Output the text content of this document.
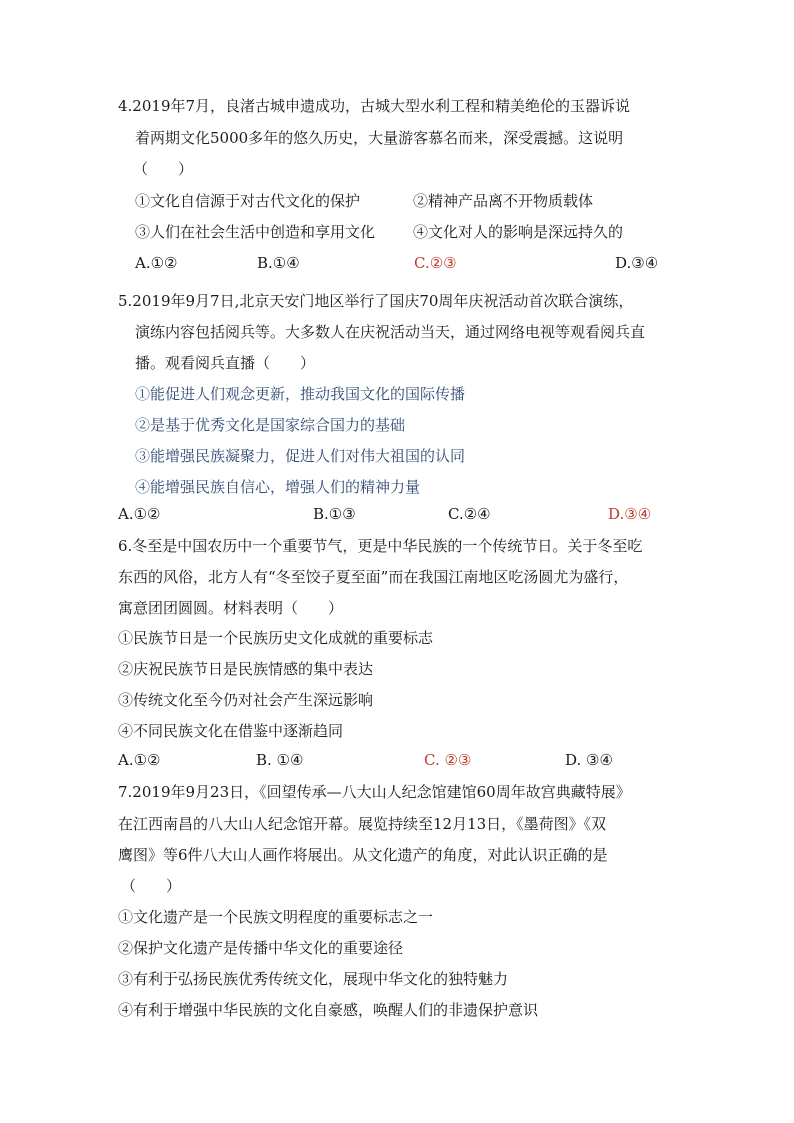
4.2019年7月，良渚古城申遗成功，古城大型水利工程和精美绝伦的玉器诉说
着两期文化5000多年的悠久历史，大量游客慕名而来，深受震撼。这说明
（　　）
①文化自信源于对古代文化的保护	②精神产品离不开物质载体
③人们在社会生活中创造和享用文化	④文化对人的影响是深远持久的
A.①②	B.①④	C.②③	D.③④
5.2019年9月7日,北京天安门地区举行了国庆70周年庆祝活动首次联合演练，
演练内容包括阅兵等。大多数人在庆祝活动当天，通过网络电视等观看阅兵直
播。观看阅兵直播（　　）
①能促进人们观念更新，推动我国文化的国际传播
②是基于优秀文化是国家综合国力的基础
③能增强民族凝聚力，促进人们对伟大祖国的认同
④能增强民族自信心，增强人们的精神力量
A.①②	B.①③	C.②④	D.③④
6.冬至是中国农历中一个重要节气，更是中华民族的一个传统节日。关于冬至吃
东西的风俗，北方人有“冬至饺子夏至面”而在我国江南地区吃汤圆尤为盛行，
寓意团团圆圆。材料表明（　　）
①民族节日是一个民族历史文化成就的重要标志
②庆祝民族节日是民族情感的集中表达
③传统文化至今仍对社会产生深远影响
④不同民族文化在借鉴中逐渐趋同
A.①②	B. ①④	C. ②③	D. ③④
7.2019年9月23日，《回望传承—八大山人纪念馆建馆60周年故宫典藏特展》
在江西南昌的八大山人纪念馆开幕。展览持续至12月13日，《墨荷图》《双
鹰图》等6件八大山人画作将展出。从文化遗产的角度，对此认识正确的是
（　　）
①文化遗产是一个民族文明程度的重要标志之一
②保护文化遗产是传播中华文化的重要途径
③有利于弘扬民族优秀传统文化，展现中华文化的独特魅力
④有利于增强中华民族的文化自豪感，唤醒人们的非遗保护意识
